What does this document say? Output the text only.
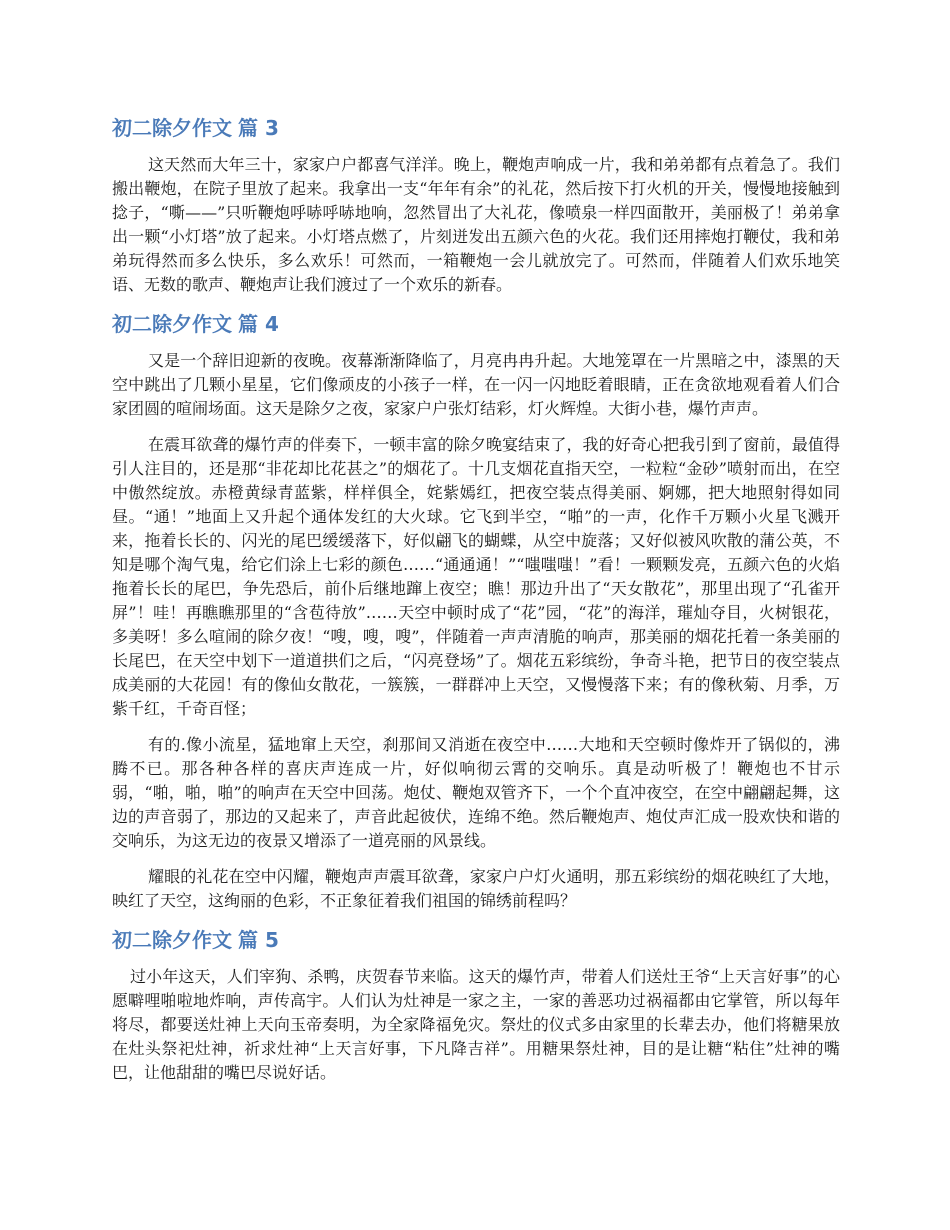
初二除夕作文 篇 3

这天然而大年三十，家家户户都喜气洋洋。晚上，鞭炮声响成一片，我和弟弟都有点着急了。我们搬出鞭炮，在院子里放了起来。我拿出一支“年年有余”的礼花，然后按下打火机的开关，慢慢地接触到捻子，“嘶——”只听鞭炮呼哧呼哧地响，忽然冒出了大礼花，像喷泉一样四面散开，美丽极了！弟弟拿出一颗“小灯塔”放了起来。小灯塔点燃了，片刻迸发出五颜六色的火花。我们还用摔炮打鞭仗，我和弟弟玩得然而多么快乐，多么欢乐！可然而，一箱鞭炮一会儿就放完了。可然而，伴随着人们欢乐地笑语、无数的歌声、鞭炮声让我们渡过了一个欢乐的新春。

初二除夕作文 篇 4

又是一个辞旧迎新的夜晚。夜幕渐渐降临了，月亮冉冉升起。大地笼罩在一片黑暗之中，漆黑的天空中跳出了几颗小星星，它们像顽皮的小孩子一样，在一闪一闪地眨着眼睛，正在贪欲地观看着人们合家团圆的喧闹场面。这天是除夕之夜，家家户户张灯结彩，灯火辉煌。大街小巷，爆竹声声。

在震耳欲聋的爆竹声的伴奏下，一顿丰富的除夕晚宴结束了，我的好奇心把我引到了窗前，最值得引人注目的，还是那“非花却比花甚之”的烟花了。十几支烟花直指天空，一粒粒“金砂”喷射而出，在空中傲然绽放。赤橙黄绿青蓝紫，样样俱全，姹紫嫣红，把夜空装点得美丽、婀娜，把大地照射得如同昼。“通！”地面上又升起个通体发红的大火球。它飞到半空，“啪”的一声，化作千万颗小火星飞溅开来，拖着长长的、闪光的尾巴缓缓落下，好似翩飞的蝴蝶，从空中旋落；又好似被风吹散的蒲公英，不知是哪个淘气鬼，给它们涂上七彩的颜色……“通通通！”“嗤嗤嗤！”看！一颗颗发亮，五颜六色的火焰拖着长长的尾巴，争先恐后，前仆后继地蹿上夜空；瞧！那边升出了“天女散花”，那里出现了“孔雀开屏”！哇！再瞧瞧那里的“含苞待放”……天空中顿时成了“花”园，“花”的海洋，璀灿夺目，火树银花，多美呀！多么喧闹的除夕夜！“嗖，嗖，嗖”，伴随着一声声清脆的响声，那美丽的烟花托着一条美丽的长尾巴，在天空中划下一道道拱们之后，“闪亮登场”了。烟花五彩缤纷，争奇斗艳，把节日的夜空装点成美丽的大花园！有的像仙女散花，一簇簇，一群群冲上天空，又慢慢落下来；有的像秋菊、月季，万紫千红，千奇百怪；

有的.像小流星，猛地窜上天空，刹那间又消逝在夜空中……大地和天空顿时像炸开了锅似的，沸腾不已。那各种各样的喜庆声连成一片，好似响彻云霄的交响乐。真是动听极了！鞭炮也不甘示弱，“啪，啪，啪”的响声在天空中回荡。炮仗、鞭炮双管齐下，一个个直冲夜空，在空中翩翩起舞，这边的声音弱了，那边的又起来了，声音此起彼伏，连绵不绝。然后鞭炮声、炮仗声汇成一股欢快和谐的交响乐，为这无边的夜景又增添了一道亮丽的风景线。

耀眼的礼花在空中闪耀，鞭炮声声震耳欲聋，家家户户灯火通明，那五彩缤纷的烟花映红了大地，映红了天空，这绚丽的色彩，不正象征着我们祖国的锦绣前程吗？

初二除夕作文 篇 5

过小年这天，人们宰狗、杀鸭，庆贺春节来临。这天的爆竹声，带着人们送灶王爷“上天言好事”的心愿噼哩啪啦地炸响，声传高宇。人们认为灶神是一家之主，一家的善恶功过祸福都由它掌管，所以每年将尽，都要送灶神上天向玉帝奏明，为全家降福免灾。祭灶的仪式多由家里的长辈去办，他们将糖果放在灶头祭祀灶神，祈求灶神“上天言好事，下凡降吉祥”。用糖果祭灶神，目的是让糖“粘住”灶神的嘴巴，让他甜甜的嘴巴尽说好话。
